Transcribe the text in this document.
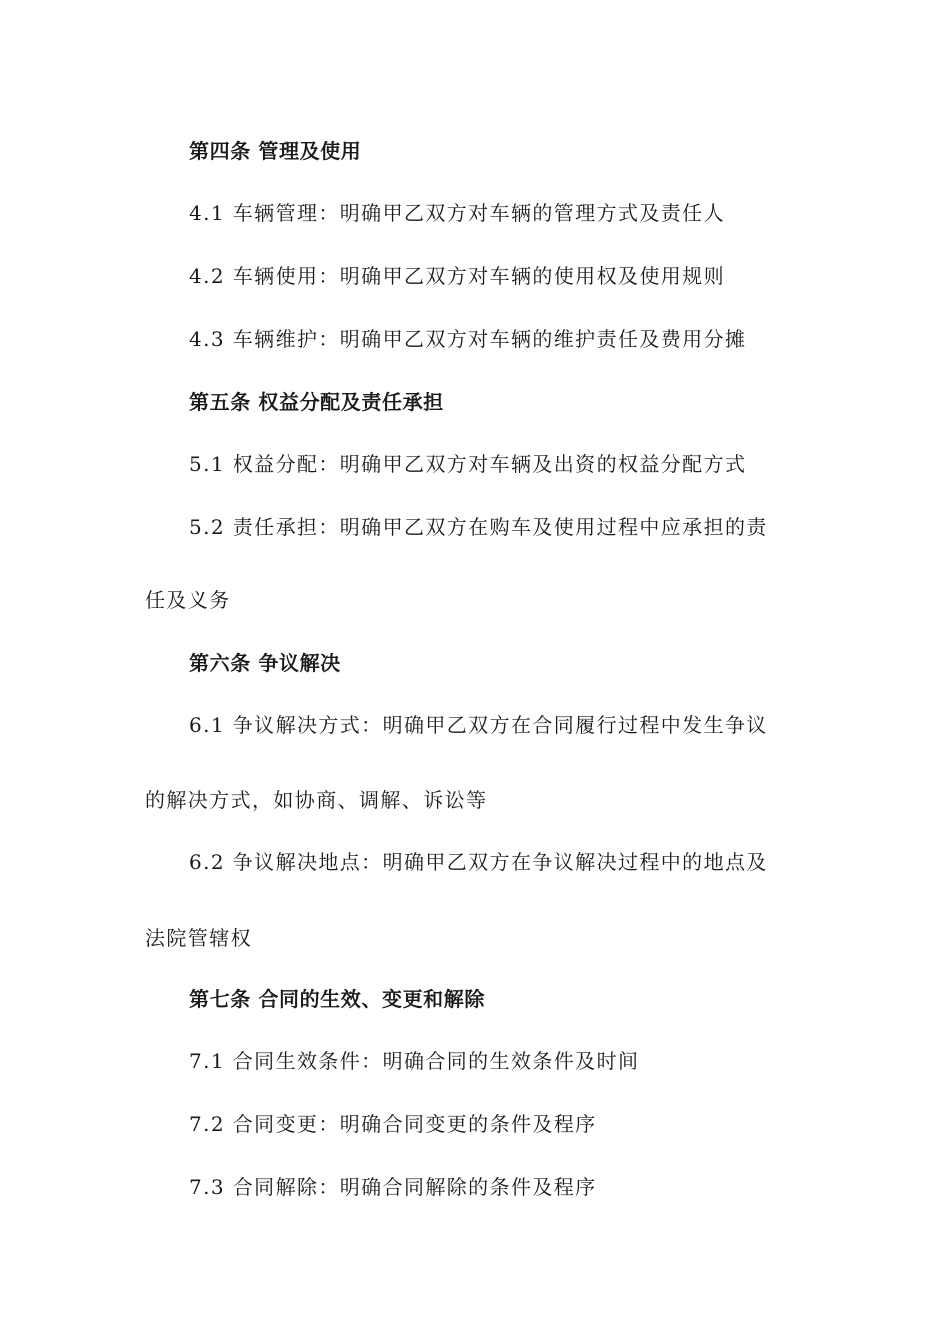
第四条 管理及使用
4.1 车辆管理：明确甲乙双方对车辆的管理方式及责任人
4.2 车辆使用：明确甲乙双方对车辆的使用权及使用规则
4.3 车辆维护：明确甲乙双方对车辆的维护责任及费用分摊
第五条 权益分配及责任承担
5.1 权益分配：明确甲乙双方对车辆及出资的权益分配方式
5.2 责任承担：明确甲乙双方在购车及使用过程中应承担的责
任及义务
第六条 争议解决
6.1 争议解决方式：明确甲乙双方在合同履行过程中发生争议
的解决方式，如协商、调解、诉讼等
6.2 争议解决地点：明确甲乙双方在争议解决过程中的地点及
法院管辖权
第七条 合同的生效、变更和解除
7.1 合同生效条件：明确合同的生效条件及时间
7.2 合同变更：明确合同变更的条件及程序
7.3 合同解除：明确合同解除的条件及程序
